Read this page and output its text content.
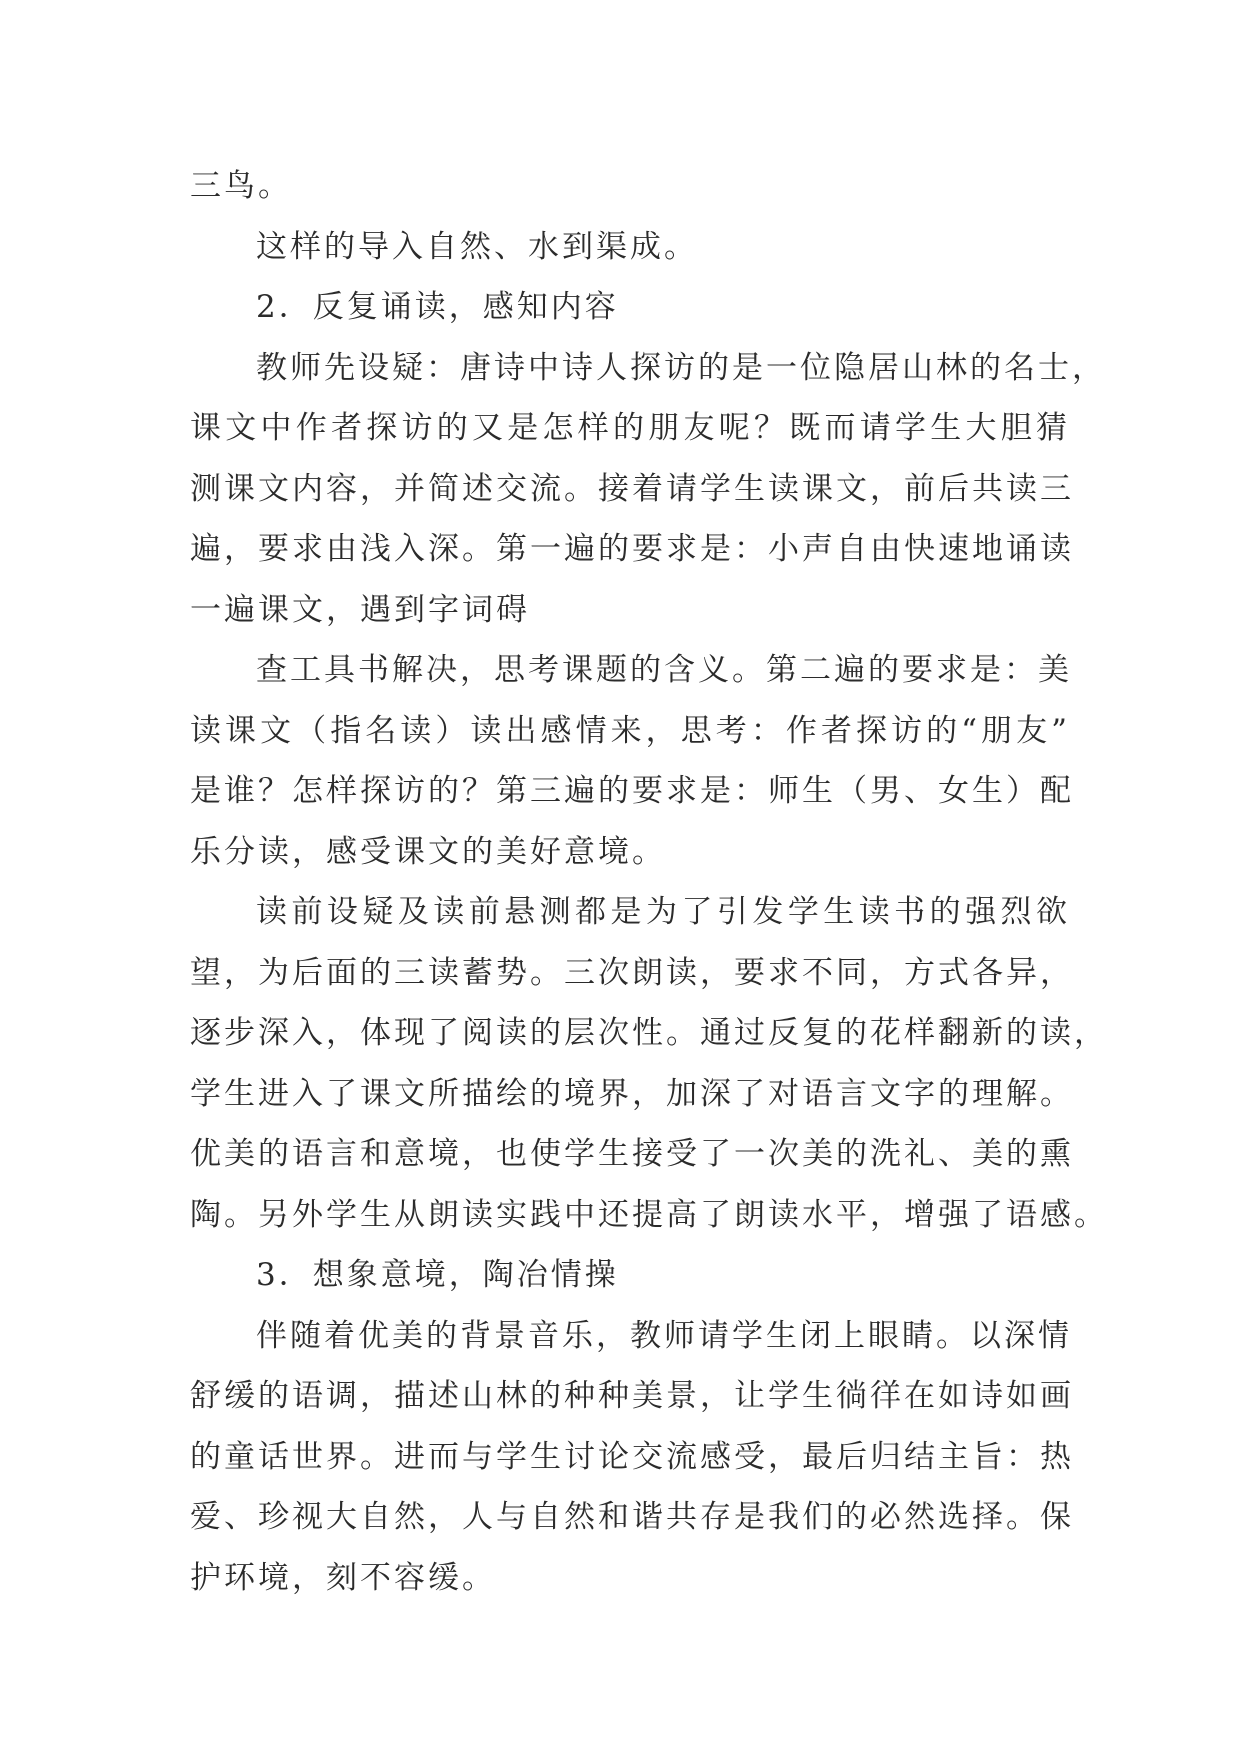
三鸟。
这样的导入自然、水到渠成。
2．反复诵读，感知内容
教师先设疑：唐诗中诗人探访的是一位隐居山林的名士，
课文中作者探访的又是怎样的朋友呢？既而请学生大胆猜
测课文内容，并简述交流。接着请学生读课文，前后共读三
遍，要求由浅入深。第一遍的要求是：小声自由快速地诵读
一遍课文，遇到字词碍
查工具书解决，思考课题的含义。第二遍的要求是：美
读课文（指名读）读出感情来，思考：作者探访的“朋友”
是谁？怎样探访的？第三遍的要求是：师生（男、女生）配
乐分读，感受课文的美好意境。
读前设疑及读前悬测都是为了引发学生读书的强烈欲
望，为后面的三读蓄势。三次朗读，要求不同，方式各异，
逐步深入，体现了阅读的层次性。通过反复的花样翻新的读，
学生进入了课文所描绘的境界，加深了对语言文字的理解。
优美的语言和意境，也使学生接受了一次美的洗礼、美的熏
陶。另外学生从朗读实践中还提高了朗读水平，增强了语感。
3．想象意境，陶冶情操
伴随着优美的背景音乐，教师请学生闭上眼睛。以深情
舒缓的语调，描述山林的种种美景，让学生徜徉在如诗如画
的童话世界。进而与学生讨论交流感受，最后归结主旨：热
爱、珍视大自然，人与自然和谐共存是我们的必然选择。保
护环境，刻不容缓。
